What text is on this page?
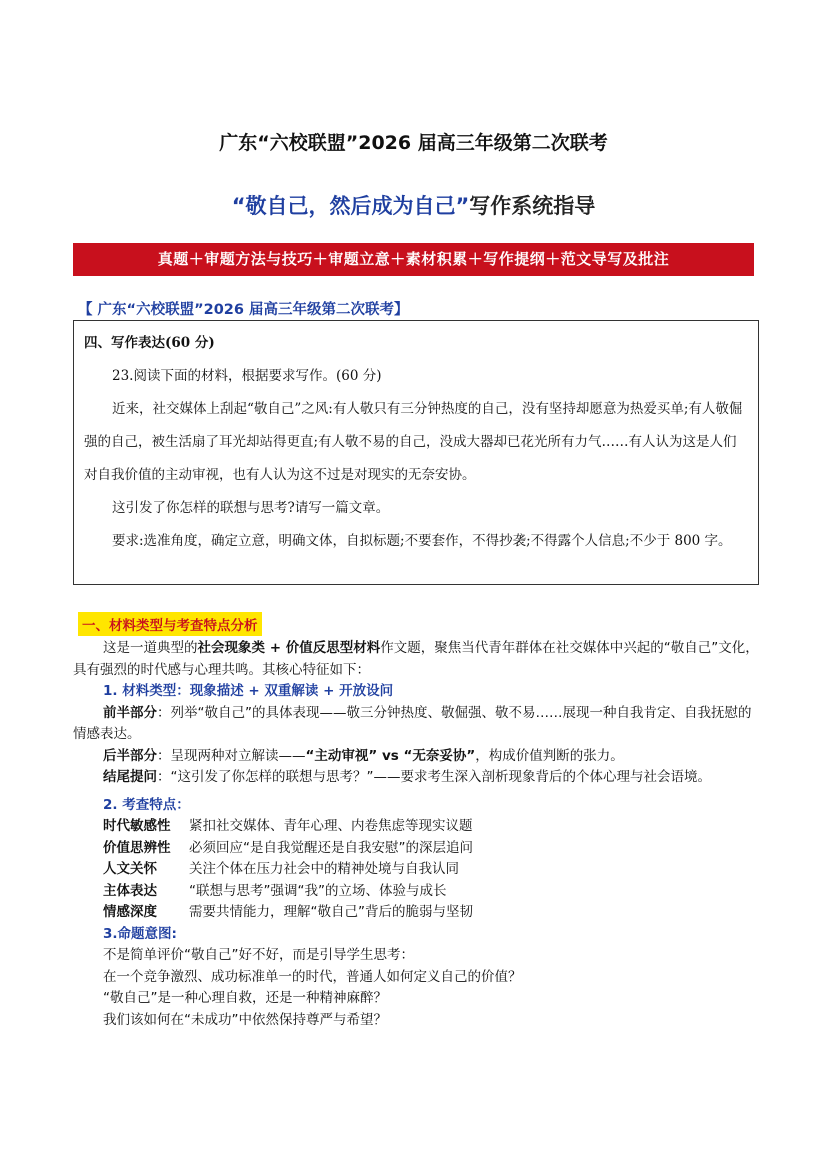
广东“六校联盟”2026 届高三年级第二次联考
“敬自己，然后成为自己”写作系统指导
真题＋审题方法与技巧＋审题立意＋素材积累＋写作提纲＋范文导写及批注
【 广东“六校联盟”2026 届高三年级第二次联考】

四、写作表达(60 分)

23.阅读下面的材料，根据要求写作。(60 分)

近来，社交媒体上刮起“敬自己”之风:有人敬只有三分钟热度的自己，没有坚持却愿意为热爱买单;有人敬倔强的自己，被生活扇了耳光却站得更直;有人敬不易的自己，没成大器却已花光所有力气……有人认为这是人们对自我价值的主动审视，也有人认为这不过是对现实的无奈安协。

这引发了你怎样的联想与思考?请写一篇文章。

要求:选准角度，确定立意，明确文体，自拟标题;不要套作，不得抄袭;不得露个人信息;不少于 800 字。

一、材料类型与考查特点分析

这是一道典型的社会现象类 + 价值反思型材料作文题，聚焦当代青年群体在社交媒体中兴起的“敬自己”文化，具有强烈的时代感与心理共鸣。其核心特征如下：

1. 材料类型：现象描述 + 双重解读 + 开放设问

前半部分：列举“敬自己”的具体表现——敬三分钟热度、敬倔强、敬不易……展现一种自我肯定、自我抚慰的情感表达。

后半部分：呈现两种对立解读——“主动审视” vs “无奈妥协”，构成价值判断的张力。

结尾提问：“这引发了你怎样的联想与思考？”——要求考生深入剖析现象背后的个体心理与社会语境。

2. 考查特点：

时代敏感性	紧扣社交媒体、青年心理、内卷焦虑等现实议题
价值思辨性	必须回应“是自我觉醒还是自我安慰”的深层追问
人文关怀	关注个体在压力社会中的精神处境与自我认同
主体表达	“联想与思考”强调“我”的立场、体验与成长
情感深度	需要共情能力，理解“敬自己”背后的脆弱与坚韧

3.命题意图:

不是简单评价“敬自己”好不好，而是引导学生思考：

在一个竞争激烈、成功标准单一的时代，普通人如何定义自己的价值？

“敬自己”是一种心理自救，还是一种精神麻醉？

我们该如何在“未成功”中依然保持尊严与希望？
